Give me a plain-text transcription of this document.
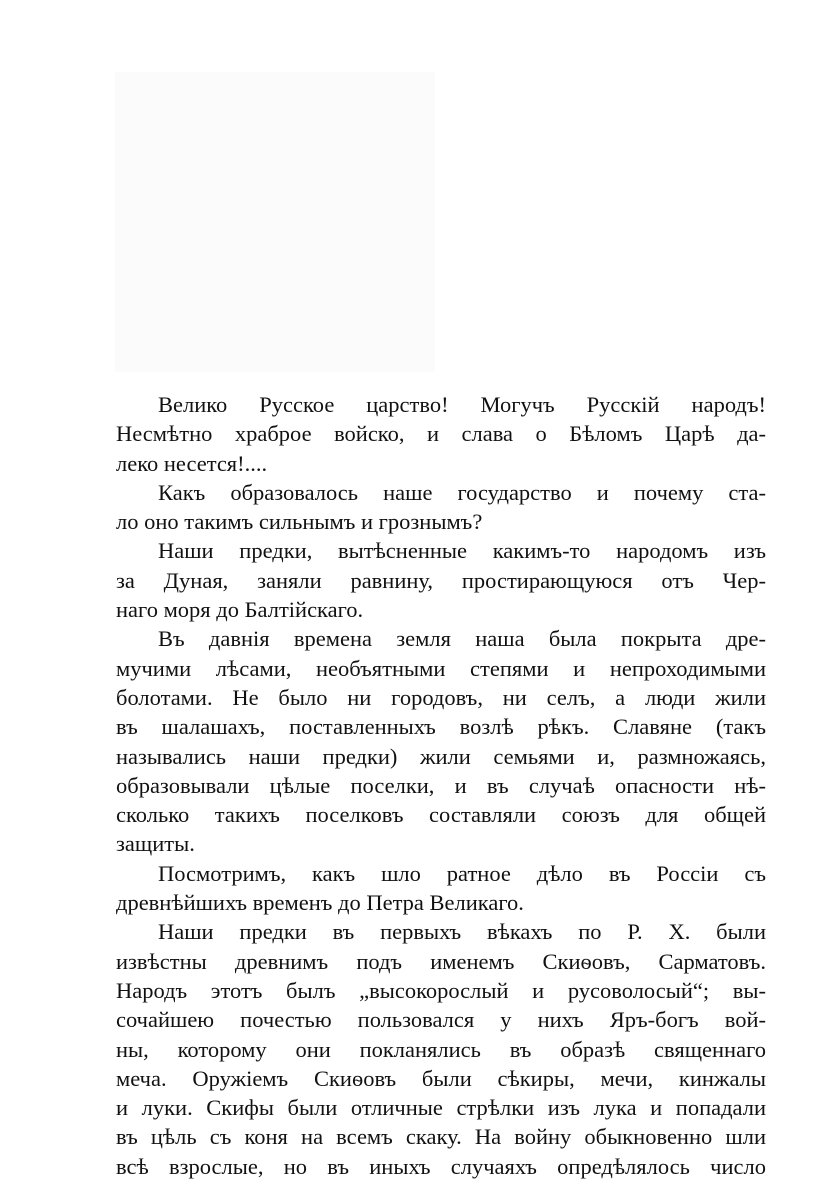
Велико Русское царство! Могучъ Русскій народъ!
Несмѣтно храброе войско, и слава о Бѣломъ Царѣ да-
леко несется!....
Какъ образовалось наше государство и почему ста-
ло оно такимъ сильнымъ и грознымъ?
Наши предки, вытѣсненные какимъ-то народомъ изъ
за Дуная, заняли равнину, простирающуюся отъ Чер-
наго моря до Балтійскаго.
Въ давнія времена земля наша была покрыта дре-
мучими лѣсами, необъятными степями и непроходимыми
болотами. Не было ни городовъ, ни селъ, а люди жили
въ шалашахъ, поставленныхъ возлѣ рѣкъ. Славяне (такъ
назывались наши предки) жили семьями и, размножаясь,
образовывали цѣлые поселки, и въ случаѣ опасности нѣ-
сколько такихъ поселковъ составляли союзъ для общей
защиты.
Посмотримъ, какъ шло ратное дѣло въ Россіи съ
древнѣйшихъ временъ до Петра Великаго.
Наши предки въ первыхъ вѣкахъ по Р. Х. были
извѣстны древнимъ подъ именемъ Скиѳовъ, Сарматовъ.
Народъ этотъ былъ „высокорослый и русоволосый“; вы-
сочайшею почестью пользовался у нихъ Яръ-богъ вой-
ны, которому они покланялись въ образѣ священнаго
меча. Оружіемъ Скиѳовъ были сѣкиры, мечи, кинжалы
и луки. Скифы были отличные стрѣлки изъ лука и попадали
въ цѣль съ коня на всемъ скаку. На войну обыкновенно шли
всѣ взрослые, но въ иныхъ случаяхъ опредѣлялось число
